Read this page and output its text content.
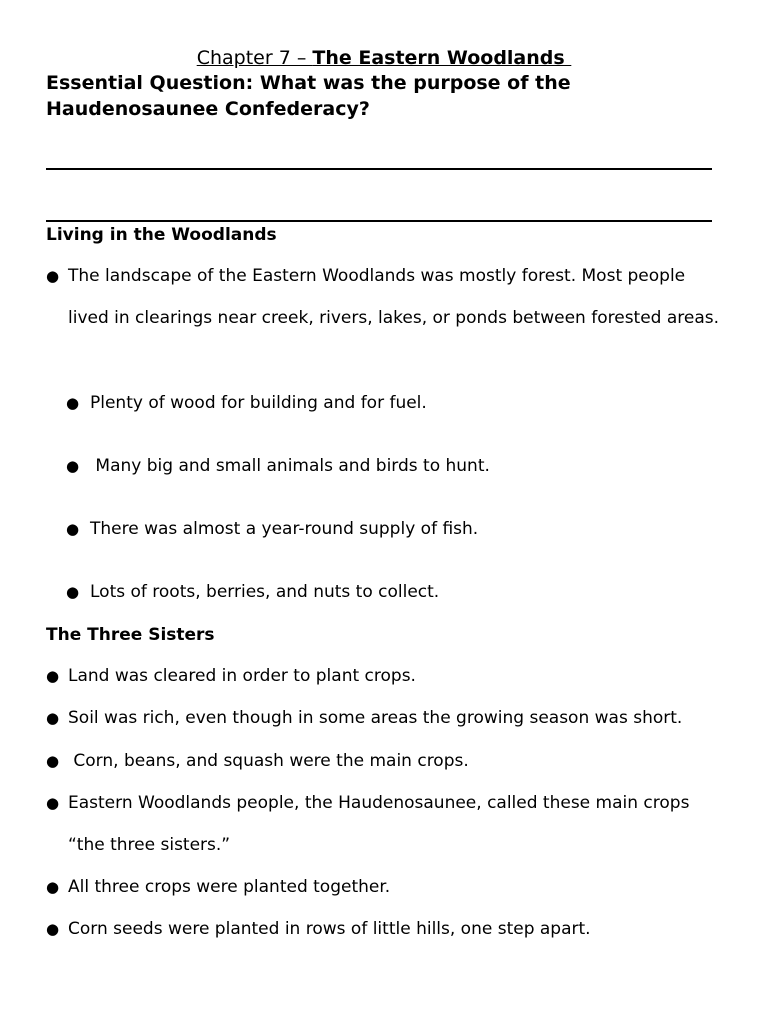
Chapter 7 – The Eastern Woodlands
Essential Question: What was the purpose of the Haudenosaunee Confederacy?
Living in the Woodlands
● The landscape of the Eastern Woodlands was mostly forest. Most people lived in clearings near creek, rivers, lakes, or ponds between forested areas.
● Plenty of wood for building and for fuel.
● Many big and small animals and birds to hunt.
● There was almost a year-round supply of fish.
● Lots of roots, berries, and nuts to collect.
The Three Sisters
● Land was cleared in order to plant crops.
● Soil was rich, even though in some areas the growing season was short.
● Corn, beans, and squash were the main crops.
● Eastern Woodlands people, the Haudenosaunee, called these main crops “the three sisters.”
● All three crops were planted together.
● Corn seeds were planted in rows of little hills, one step apart.
